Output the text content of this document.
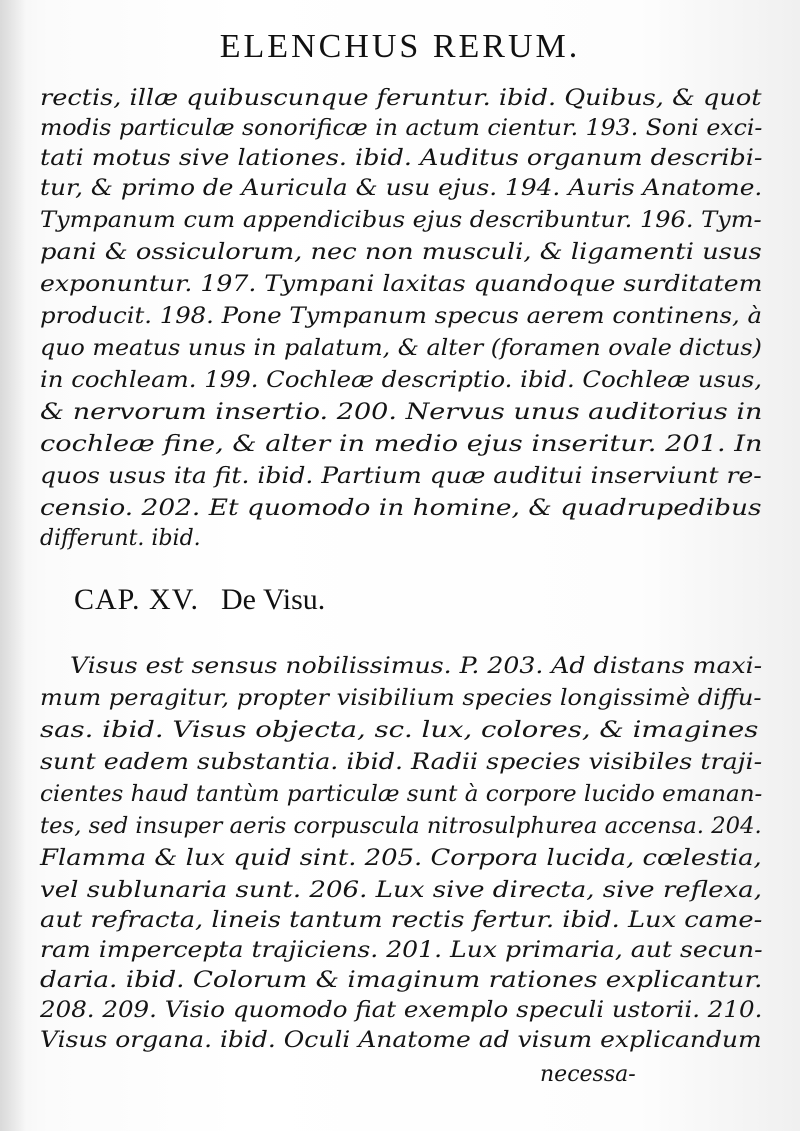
ELENCHUS RERUM.
rectis, illæ quibuscunque feruntur. ibid. Quibus, & quot
modis particulæ sonorificæ in actum cientur. 193. Soni exci-
tati motus sive lationes. ibid. Auditus organum describi-
tur, & primo de Auricula & usu ejus. 194. Auris Anatome.
Tympanum cum appendicibus ejus describuntur. 196. Tym-
pani & ossiculorum, nec non musculi, & ligamenti usus
exponuntur. 197. Tympani laxitas quandoque surditatem
producit. 198. Pone Tympanum specus aerem continens, à
quo meatus unus in palatum, & alter (foramen ovale dictus)
in cochleam. 199. Cochleæ descriptio. ibid. Cochleæ usus,
& nervorum insertio. 200. Nervus unus auditorius in
cochleæ fine, & alter in medio ejus inseritur. 201. In
quos usus ita fit. ibid. Partium quæ auditui inserviunt re-
censio. 202. Et quomodo in homine, & quadrupedibus
differunt. ibid.
CAP. XV. De Visu.
Visus est sensus nobilissimus. P. 203. Ad distans maxi-
mum peragitur, propter visibilium species longissimè diffu-
sas. ibid. Visus objecta, sc. lux, colores, & imagines
sunt eadem substantia. ibid. Radii species visibiles traji-
cientes haud tantùm particulæ sunt à corpore lucido emanan-
tes, sed insuper aeris corpuscula nitrosulphurea accensa. 204.
Flamma & lux quid sint. 205. Corpora lucida, cœlestia,
vel sublunaria sunt. 206. Lux sive directa, sive reflexa,
aut refracta, lineis tantum rectis fertur. ibid. Lux came-
ram impercepta trajiciens. 201. Lux primaria, aut secun-
daria. ibid. Colorum & imaginum rationes explicantur.
208. 209. Visio quomodo fiat exemplo speculi ustorii. 210.
Visus organa. ibid. Oculi Anatome ad visum explicandum
necessa-
